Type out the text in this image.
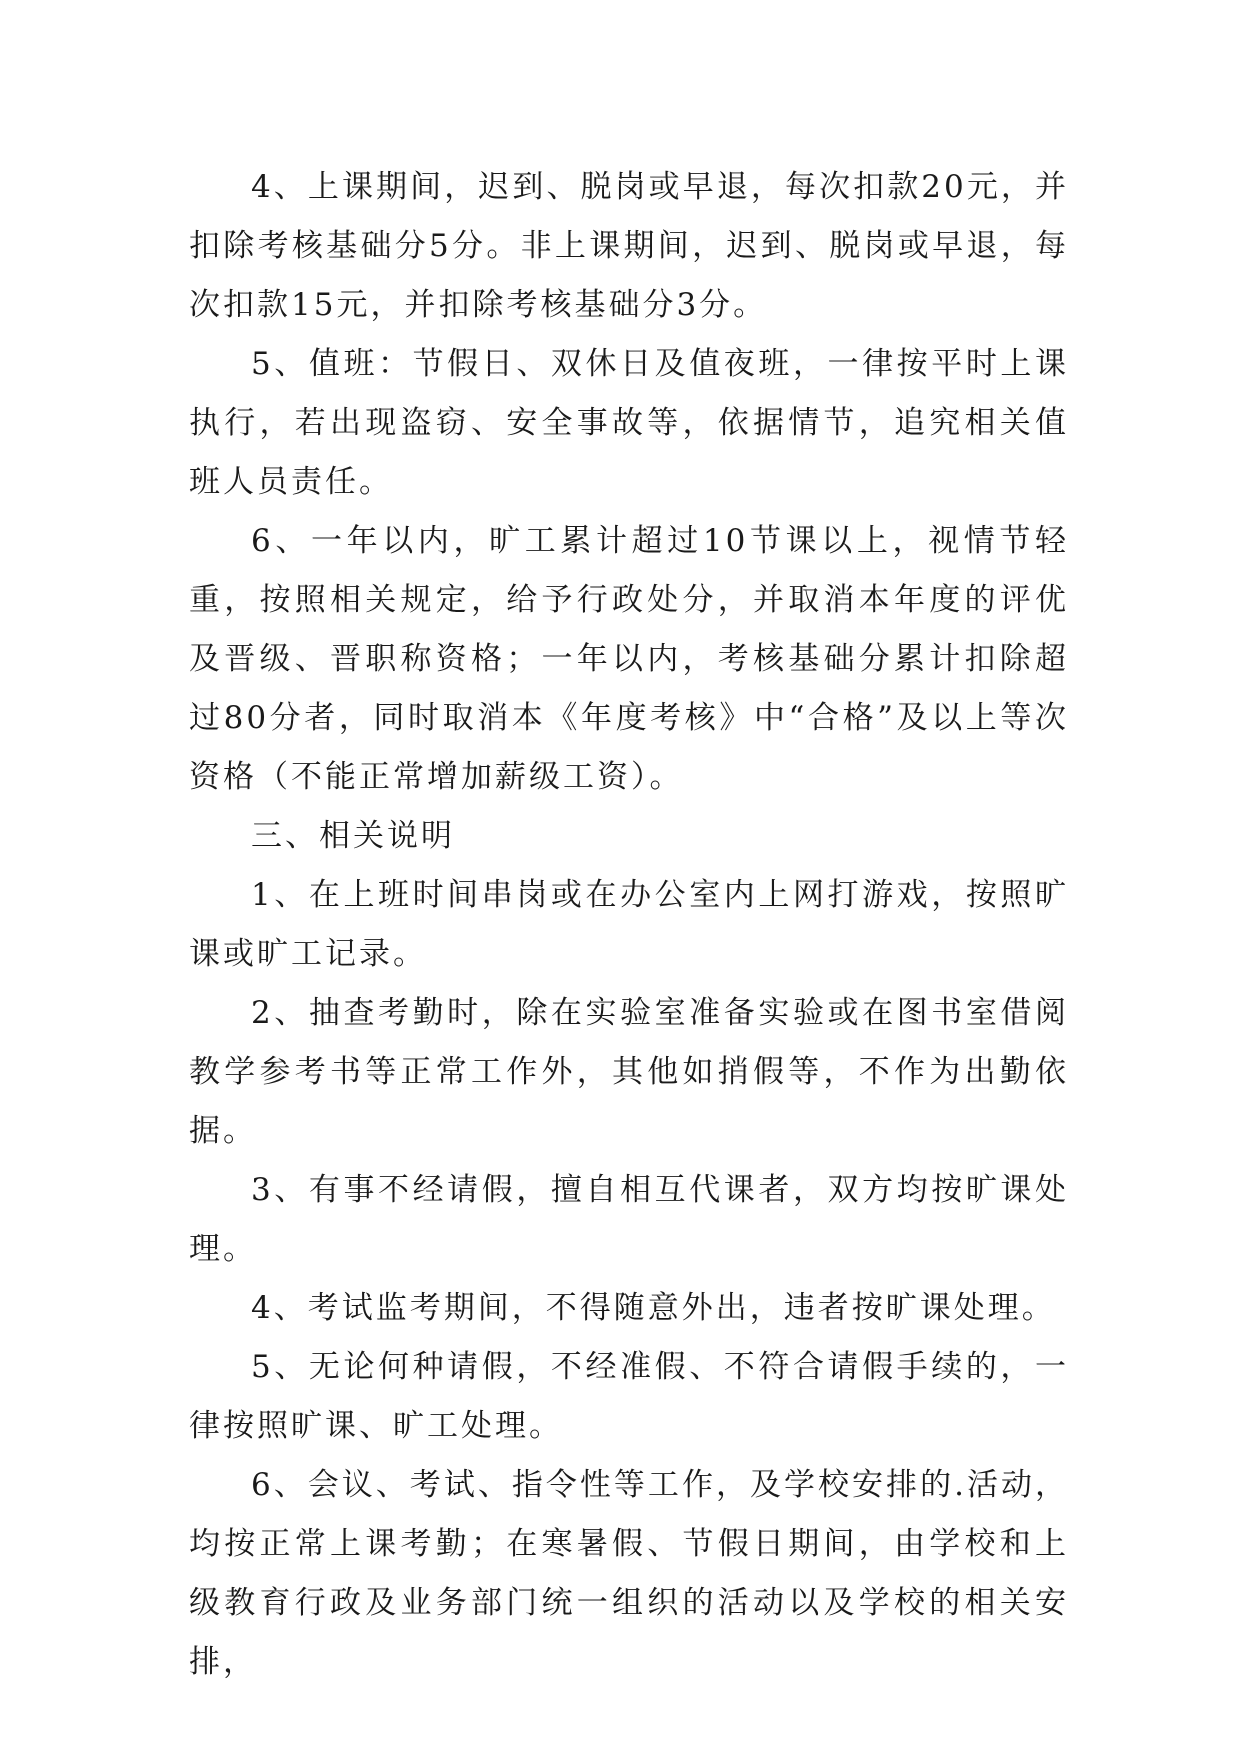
4、上课期间，迟到、脱岗或早退，每次扣款20元，并扣除考核基础分5分。非上课期间，迟到、脱岗或早退，每次扣款15元，并扣除考核基础分3分。

5、值班：节假日、双休日及值夜班，一律按平时上课执行，若出现盗窃、安全事故等，依据情节，追究相关值班人员责任。

6、一年以内，旷工累计超过10节课以上，视情节轻重，按照相关规定，给予行政处分，并取消本年度的评优及晋级、晋职称资格；一年以内，考核基础分累计扣除超过80分者，同时取消本《年度考核》中“合格”及以上等次资格（不能正常增加薪级工资）。

三、相关说明

1、在上班时间串岗或在办公室内上网打游戏，按照旷课或旷工记录。

2、抽查考勤时，除在实验室准备实验或在图书室借阅教学参考书等正常工作外，其他如捎假等，不作为出勤依据。

3、有事不经请假，擅自相互代课者，双方均按旷课处理。

4、考试监考期间，不得随意外出，违者按旷课处理。

5、无论何种请假，不经准假、不符合请假手续的，一律按照旷课、旷工处理。

6、会议、考试、指令性等工作，及学校安排的.活动，均按正常上课考勤；在寒暑假、节假日期间，由学校和上级教育行政及业务部门统一组织的活动以及学校的相关安排，
